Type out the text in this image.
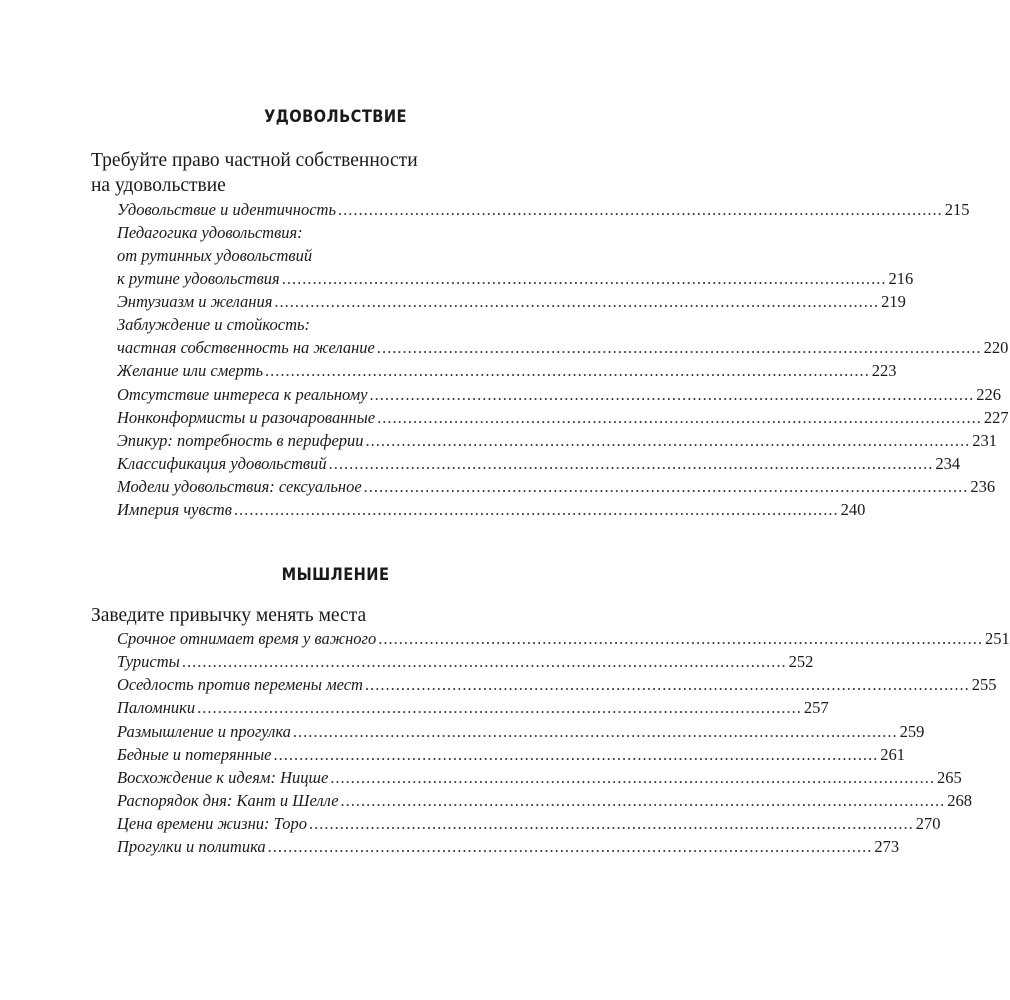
УДОВОЛЬСТВИЕ
Требуйте право частной собственности
на удовольствие
Удовольствие и идентичность ...................................................................................................................... 215
Педагогика удовольствия:
от рутинных удовольствий
к рутине удовольствия ...................................................................................................................... 216
Энтузиазм и желания ...................................................................................................................... 219
Заблуждение и стойкость:
частная собственность на желание ...................................................................................................................... 220
Желание или смерть ...................................................................................................................... 223
Отсутствие интереса к реальному ...................................................................................................................... 226
Нонконформисты и разочарованные ...................................................................................................................... 227
Эпикур: потребность в периферии ...................................................................................................................... 231
Классификация удовольствий ...................................................................................................................... 234
Модели удовольствия: сексуальное ...................................................................................................................... 236
Империя чувств ...................................................................................................................... 240
МЫШЛЕНИЕ
Заведите привычку менять места
Срочное отнимает время у важного ...................................................................................................................... 251
Туристы ...................................................................................................................... 252
Оседлость против перемены мест ...................................................................................................................... 255
Паломники ...................................................................................................................... 257
Размышление и прогулка ...................................................................................................................... 259
Бедные и потерянные ...................................................................................................................... 261
Восхождение к идеям: Ницше ...................................................................................................................... 265
Распорядок дня: Кант и Шелле ...................................................................................................................... 268
Цена времени жизни: Торо ...................................................................................................................... 270
Прогулки и политика ...................................................................................................................... 273
